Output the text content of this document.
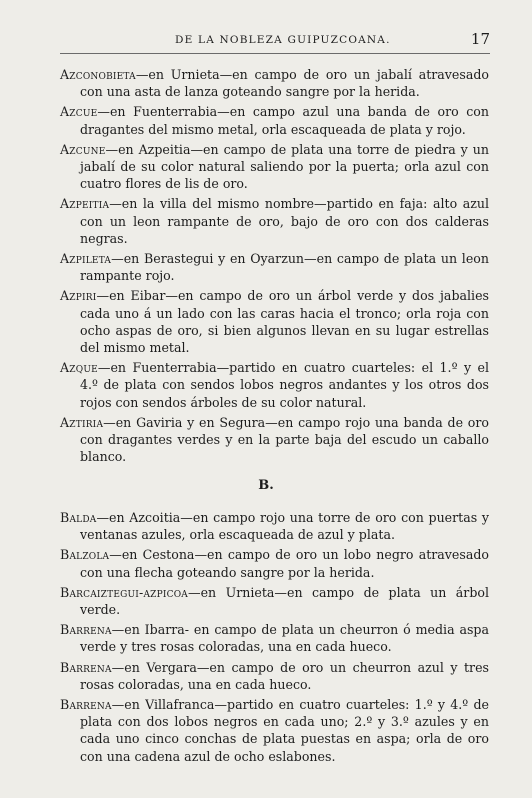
DE LA NOBLEZA GUIPUZCOANA.	17

Azconobieta—en Urnieta—en campo de oro un jabalí atravesado con una asta de lanza goteando sangre por la herida.

Azcue—en Fuenterrabia—en campo azul una banda de oro con dragantes del mismo metal, orla escaqueada de plata y rojo.

Azcune—en Azpeitia—en campo de plata una torre de piedra y un jabalí de su color natural saliendo por la puerta; orla azul con cuatro flores de lis de oro.

Azpeitia—en la villa del mismo nombre—partido en faja: alto azul con un leon rampante de oro, bajo de oro con dos calderas negras.

Azpileta—en Berastegui y en Oyarzun—en campo de plata un leon rampante rojo.

Azpiri—en Eibar—en campo de oro un árbol verde y dos jabalies cada uno á un lado con las caras hacia el tronco; orla roja con ocho aspas de oro, si bien algunos llevan en su lugar estrellas del mismo metal.

Azque—en Fuenterrabia—partido en cuatro cuarteles: el 1.º y el 4.º de plata con sendos lobos negros andantes y los otros dos rojos con sendos árboles de su color natural.

Aztiria—en Gaviria y en Segura—en campo rojo una banda de oro con dragantes verdes y en la parte baja del escudo un caballo blanco.

B.

Balda—en Azcoitia—en campo rojo una torre de oro con puertas y ventanas azules, orla escaqueada de azul y plata.

Balzola—en Cestona—en campo de oro un lobo negro atravesado con una flecha goteando sangre por la herida.

Barcaiztegui-azpicoa—en Urnieta—en campo de plata un árbol verde.

Barrena—en Ibarra- en campo de plata un cheurron ó media aspa verde y tres rosas coloradas, una en cada hueco.

Barrena—en Vergara—en campo de oro un cheurron azul y tres rosas coloradas, una en cada hueco.

Barrena—en Villafranca—partido en cuatro cuarteles: 1.º y 4.º de plata con dos lobos negros en cada uno; 2.º y 3.º azules y en cada uno cinco conchas de plata puestas en aspa; orla de oro con una cadena azul de ocho eslabones.
